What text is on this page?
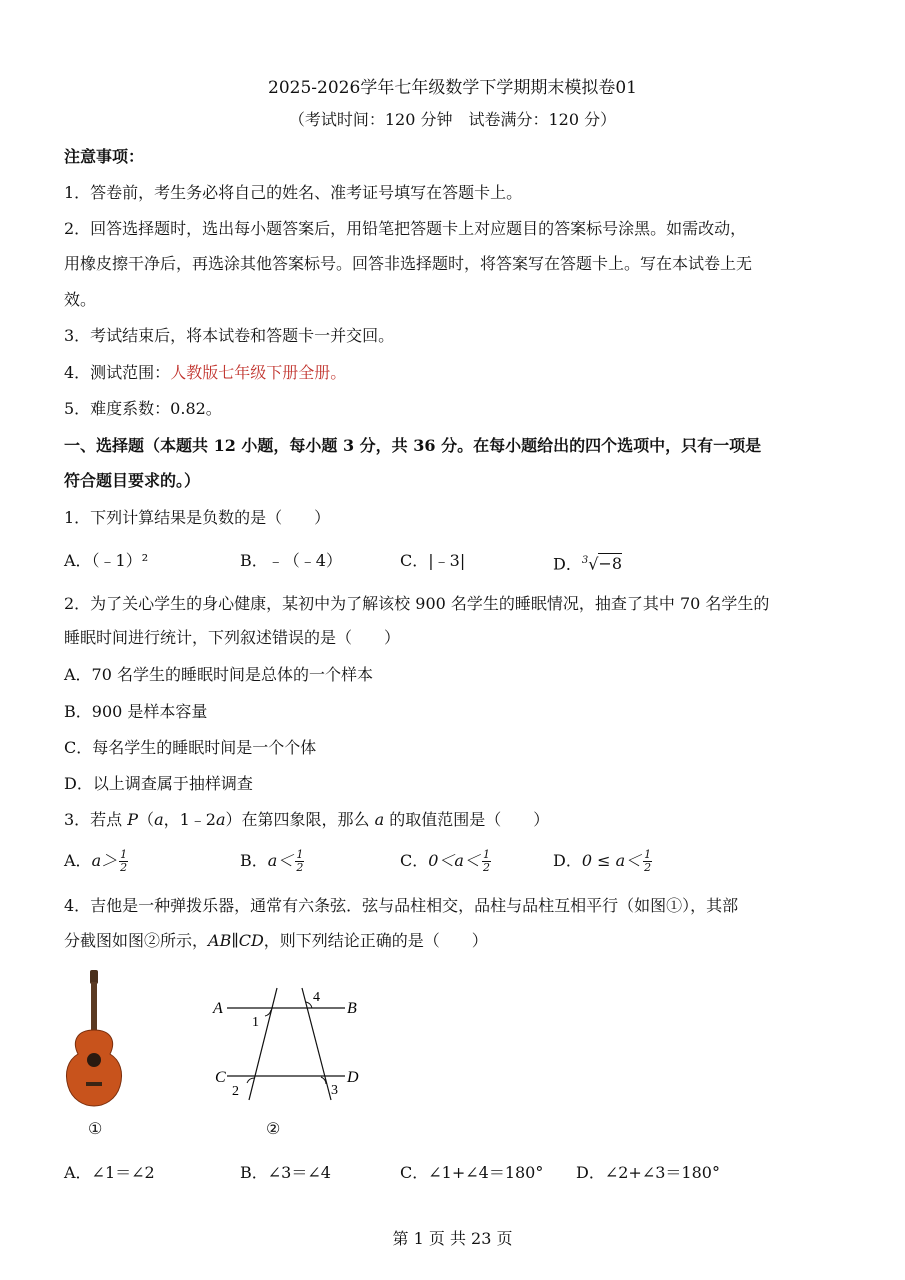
2025-2026学年七年级数学下学期期末模拟卷01
（考试时间：120 分钟　试卷满分：120 分）
注意事项：
1．答卷前，考生务必将自己的姓名、准考证号填写在答题卡上。
2．回答选择题时，选出每小题答案后，用铅笔把答题卡上对应题目的答案标号涂黑。如需改动，
用橡皮擦干净后，再选涂其他答案标号。回答非选择题时，将答案写在答题卡上。写在本试卷上无
效。
3．考试结束后，将本试卷和答题卡一并交回。
4．测试范围：人教版七年级下册全册。
5．难度系数：0.82。
一、选择题（本题共 12 小题，每小题 3 分，共 36 分。在每小题给出的四个选项中，只有一项是
符合题目要求的。）
1．下列计算结果是负数的是（　　）
A．（﹣1）²	B．﹣（﹣4）	C．|﹣3|	D．$^3$√−8
2．为了关心学生的身心健康，某初中为了解该校 900 名学生的睡眠情况，抽查了其中 70 名学生的
睡眠时间进行统计，下列叙述错误的是（　　）
A．70 名学生的睡眠时间是总体的一个样本
B．900 是样本容量
C．每名学生的睡眠时间是一个个体
D．以上调查属于抽样调查
3．若点 P（a，1﹣2a）在第四象限，那么 a 的取值范围是（　　）
A．$a> \frac{1}{2}$	B．$a< \frac{1}{2}$	C．$0<a< \frac{1}{2}$	D．$0 \le a< \frac{1}{2}$
4．吉他是一种弹拨乐器，通常有六条弦．弦与品柱相交，品柱与品柱互相平行（如图①），其部
分截图如图②所示，AB∥CD，则下列结论正确的是（　　）
①
A	B
C	D
1
2	3
4
②
A．∠1＝∠2	B．∠3＝∠4	C．∠1+∠4＝180° D．∠2+∠3＝180°
第 1 页 共 23 页
